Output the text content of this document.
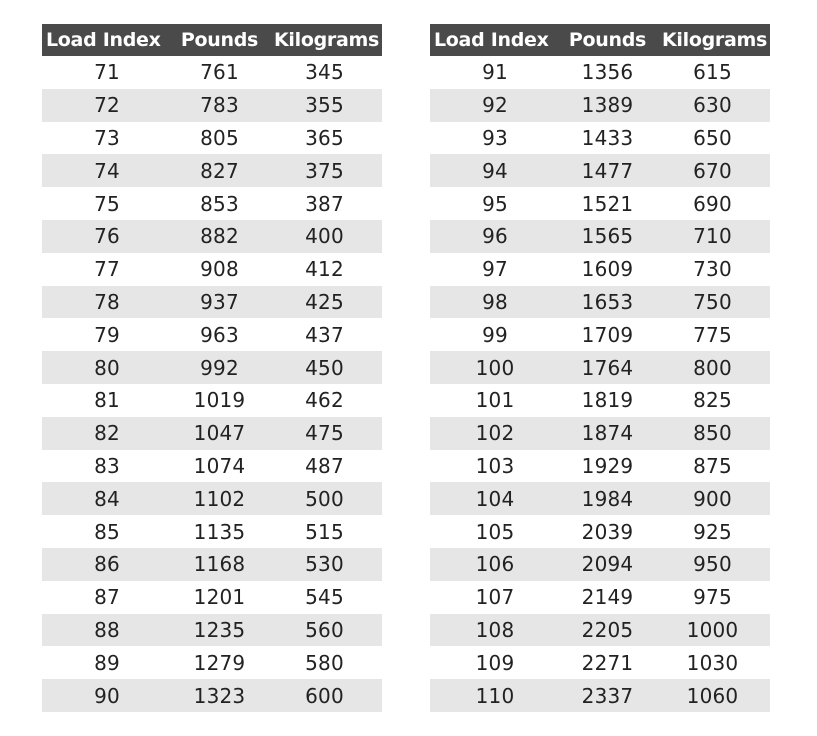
Load Index	Pounds	Kilograms
71	761	345
72	783	355
73	805	365
74	827	375
75	853	387
76	882	400
77	908	412
78	937	425
79	963	437
80	992	450
81	1019	462
82	1047	475
83	1074	487
84	1102	500
85	1135	515
86	1168	530
87	1201	545
88	1235	560
89	1279	580
90	1323	600
Load Index	Pounds	Kilograms
91	1356	615
92	1389	630
93	1433	650
94	1477	670
95	1521	690
96	1565	710
97	1609	730
98	1653	750
99	1709	775
100	1764	800
101	1819	825
102	1874	850
103	1929	875
104	1984	900
105	2039	925
106	2094	950
107	2149	975
108	2205	1000
109	2271	1030
110	2337	1060
